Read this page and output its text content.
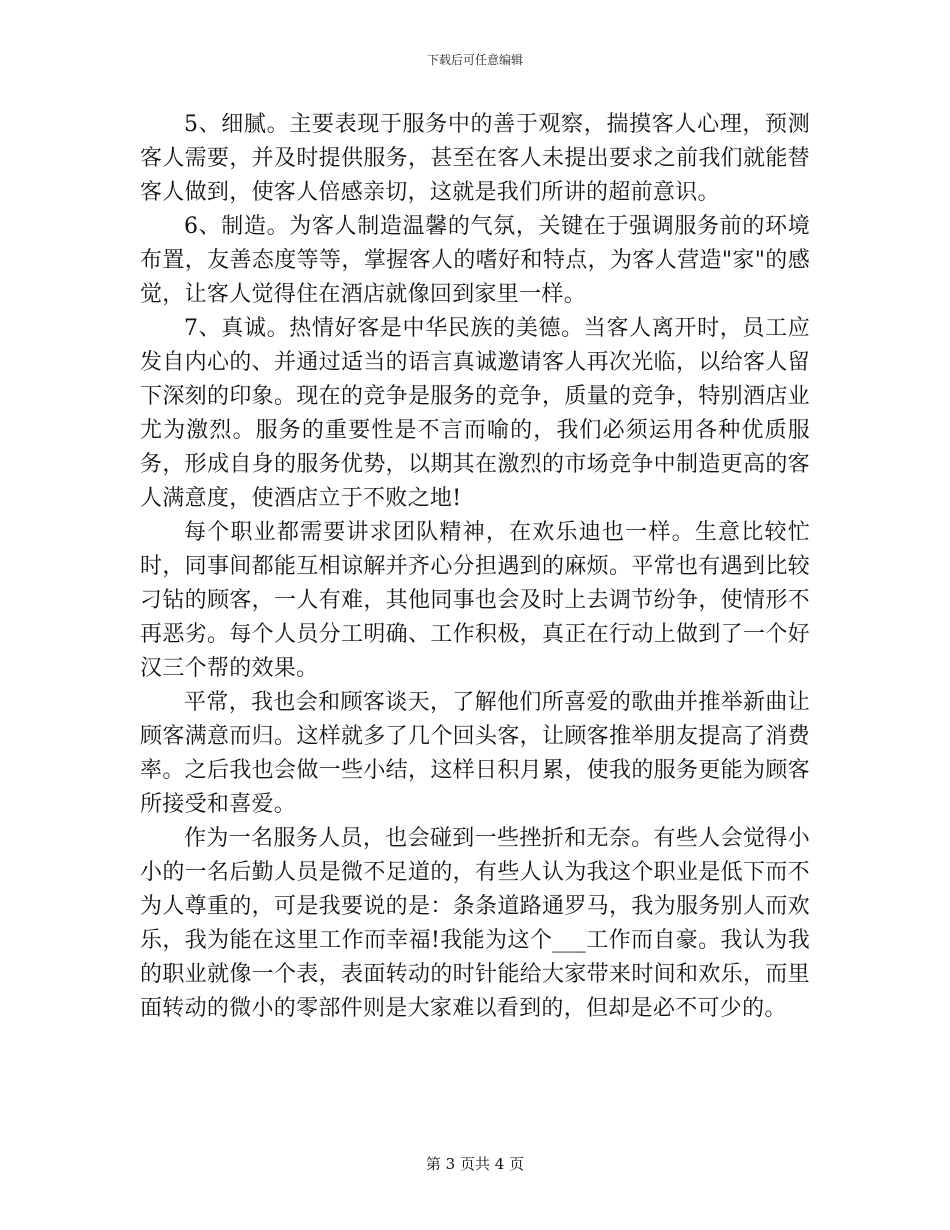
下载后可任意编辑

5、细腻。主要表现于服务中的善于观察，揣摸客人心理，预测客人需要，并及时提供服务，甚至在客人未提出要求之前我们就能替客人做到，使客人倍感亲切，这就是我们所讲的超前意识。

6、制造。为客人制造温馨的气氛，关键在于强调服务前的环境布置，友善态度等等，掌握客人的嗜好和特点，为客人营造"家"的感觉，让客人觉得住在酒店就像回到家里一样。

7、真诚。热情好客是中华民族的美德。当客人离开时，员工应发自内心的、并通过适当的语言真诚邀请客人再次光临，以给客人留下深刻的印象。现在的竞争是服务的竞争，质量的竞争，特别酒店业尤为激烈。服务的重要性是不言而喻的，我们必须运用各种优质服务，形成自身的服务优势，以期其在激烈的市场竞争中制造更高的客人满意度，使酒店立于不败之地!

每个职业都需要讲求团队精神，在欢乐迪也一样。生意比较忙时，同事间都能互相谅解并齐心分担遇到的麻烦。平常也有遇到比较刁钻的顾客，一人有难，其他同事也会及时上去调节纷争，使情形不再恶劣。每个人员分工明确、工作积极，真正在行动上做到了一个好汉三个帮的效果。

平常，我也会和顾客谈天，了解他们所喜爱的歌曲并推举新曲让顾客满意而归。这样就多了几个回头客，让顾客推举朋友提高了消费率。之后我也会做一些小结，这样日积月累，使我的服务更能为顾客所接受和喜爱。

作为一名服务人员，也会碰到一些挫折和无奈。有些人会觉得小小的一名后勤人员是微不足道的，有些人认为我这个职业是低下而不为人尊重的，可是我要说的是：条条道路通罗马，我为服务别人而欢乐，我为能在这里工作而幸福!我能为这个___工作而自豪。我认为我的职业就像一个表，表面转动的时针能给大家带来时间和欢乐，而里面转动的微小的零部件则是大家难以看到的，但却是必不可少的。

第 3 页共 4 页
